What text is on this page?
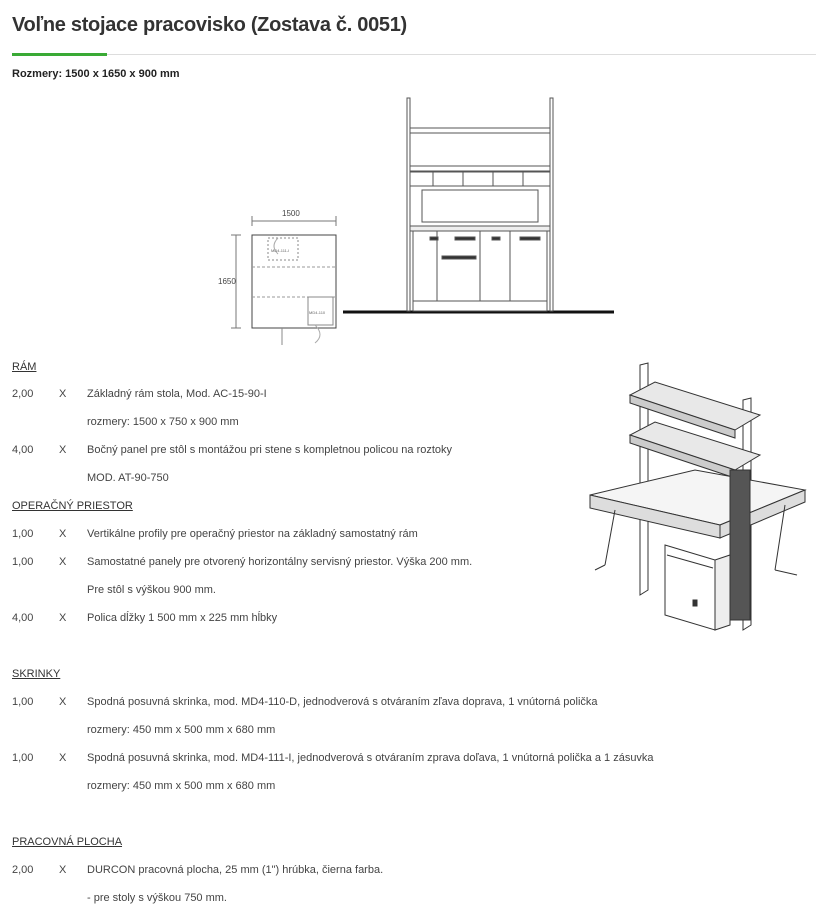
Voľne stojace pracovisko (Zostava č. 0051)
Rozmery: 1500 x 1650 x 900 mm
1500
1650
MD4-111-I
MD4-110
RÁM
2,00	X Základný rám stola, Mod. AC-15-90-I
rozmery: 1500 x 750 x 900 mm
4,00	X Bočný panel pre stôl s montážou pri stene s kompletnou policou na roztoky
MOD. AT-90-750
OPERAČNÝ PRIESTOR
1,00	X Vertikálne profily pre operačný priestor na základný samostatný rám
1,00	X Samostatné panely pre otvorený horizontálny servisný priestor. Výška 200 mm.
Pre stôl s výškou 900 mm.
4,00	X Polica dĺžky 1 500 mm x 225 mm hĺbky
SKRINKY
1,00	X Spodná posuvná skrinka, mod. MD4-110-D, jednodverová s otváraním zľava doprava, 1 vnútorná polička
rozmery: 450 mm x 500 mm x 680 mm
1,00	X Spodná posuvná skrinka, mod. MD4-111-I, jednodverová s otváraním zprava doľava, 1 vnútorná polička a 1 zásuvka
rozmery: 450 mm x 500 mm x 680 mm
PRACOVNÁ PLOCHA
2,00	X DURCON pracovná plocha, 25 mm (1") hrúbka, čierna farba.
- pre stoly s výškou 750 mm.
